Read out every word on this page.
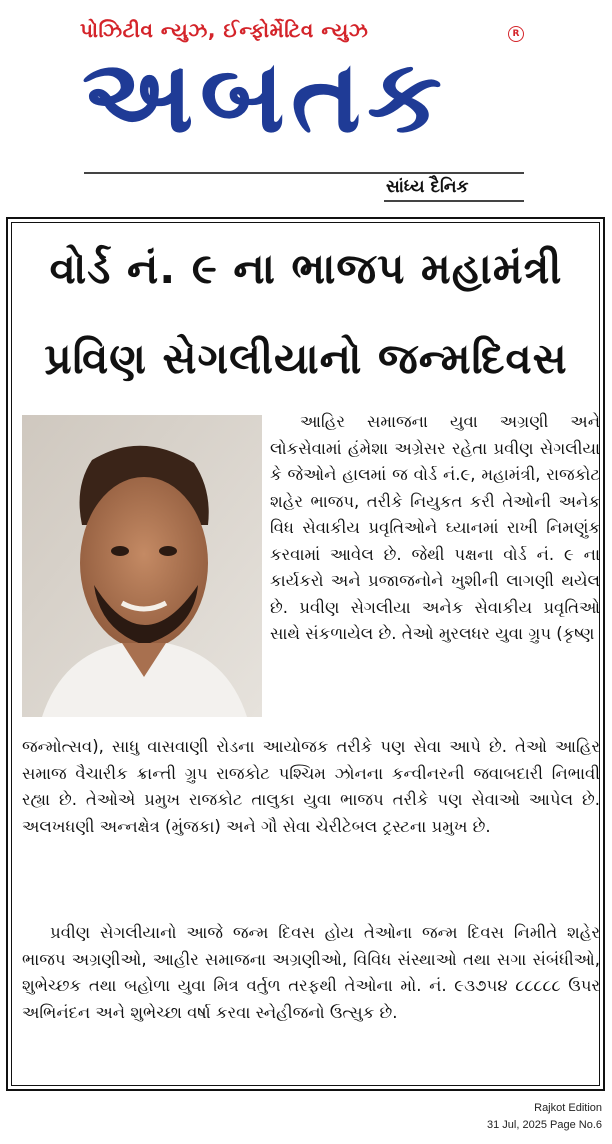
પોઝિટીવ ન્યુઝ, ઈન્ફોર્મેટિવ ન્યુઝ	R
અબતક
સાંધ્ય દૈનિક
વોર્ડ નં. ૯ ના ભાજપ મહામંત્રી
પ્રવિણ સેગલીયાનો જન્મદિવસ

આહિર સમાજના યુવા અગ્રણી અને લોકસેવામાં હંમેશા અગ્રેસર રહેતા પ્રવીણ સેગલીયા કે જેઓને હાલમાં જ વોર્ડ નં.૯, મહામંત્રી, રાજકોટ શહેર ભાજપ, તરીકે નિયુકત કરી તેઓની અનેક વિધ સેવાકીય પ્રવૃતિઓને ઘ્યાનમાં રાખી નિમણુંક કરવામાં આવેલ છે. જેથી પક્ષના વોર્ડ નં. ૯ ના કાર્યકરો અને પ્રજાજનોને ખુશીની લાગણી થયેલ છે. પ્રવીણ સેગલીયા અનેક સેવાકીય પ્રવૃતિઓ સાથે સંકળાયેલ છે. તેઓ મુરલધર યુવા ગ્રુપ (કૃષ્ણ

જન્મોત્સવ), સાધુ વાસવાણી રોડના આયોજક તરીકે પણ સેવા આપે છે. તેઓ આહિર સમાજ વૈચારીક ક્રાન્તી ગ્રુપ રાજકોટ પશ્ચિમ ઝોનના કન્વીનરની જવાબદારી નિભાવી રહ્યા છે. તેઓએ પ્રમુખ રાજકોટ તાલુકા યુવા ભાજપ તરીકે પણ સેવાઓ આપેલ છે. અલખધણી અન્નક્ષેત્ર (મુંજકા) અને ગૌ સેવા ચેરીટેબલ ટ્રસ્ટના પ્રમુખ છે.

પ્રવીણ સેગલીયાનો આજે જન્મ દિવસ હોય તેઓના જન્મ દિવસ નિમીતે શહેર ભાજપ અગ્રણીઓ, આહીર સમાજના અગ્રણીઓ, વિવિધ સંસ્થાઓ તથા સગા સંબંધીઓ, શુભેચ્છક તથા બહોળા યુવા મિત્ર વર્તુળ તરફથી તેઓના મો. નં. ૯૩૭૫૪ ૮૮૮૮૮ ઉપર અભિનંદન અને શુભેચ્છા વર્ષા કરવા સ્નેહીજનો ઉત્સુક છે.

Rajkot Edition
31 Jul, 2025 Page No.6
